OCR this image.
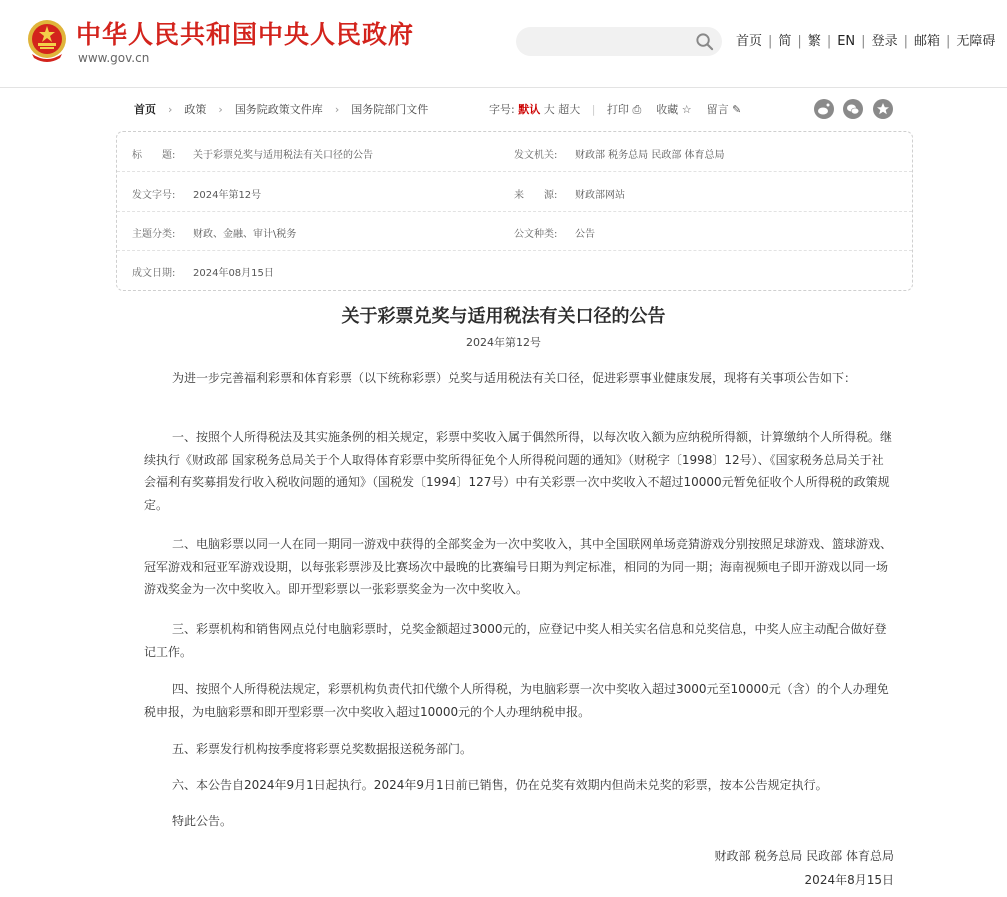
中华人民共和国中央人民政府
www.gov.cn
首页 | 简 | 繁 | EN | 登录 | 邮箱 | 无障碍
首页 › 政策 › 国务院政策文件库 › 国务院部门文件	字号: 默认 大 超大 | 打印 ⎙ 收藏 ☆ 留言 ✎
标　　题: 关于彩票兑奖与适用税法有关口径的公告	发文机关: 财政部 税务总局 民政部 体育总局
发文字号: 2024年第12号	来　　源: 财政部网站
主题分类: 财政、金融、审计\税务	公文种类: 公告
成文日期: 2024年08月15日
关于彩票兑奖与适用税法有关口径的公告
2024年第12号

为进一步完善福利彩票和体育彩票（以下统称彩票）兑奖与适用税法有关口径，促进彩票事业健康发展，现将有关事项公告如下：

一、按照个人所得税法及其实施条例的相关规定，彩票中奖收入属于偶然所得，以每次收入额为应纳税所得额，计算缴纳个人所得税。继续执行《财政部 国家税务总局关于个人取得体育彩票中奖所得征免个人所得税问题的通知》（财税字〔1998〕12号）、《国家税务总局关于社会福利有奖募捐发行收入税收问题的通知》（国税发〔1994〕127号）中有关彩票一次中奖收入不超过10000元暂免征收个人所得税的政策规定。

二、电脑彩票以同一人在同一期同一游戏中获得的全部奖金为一次中奖收入，其中全国联网单场竞猜游戏分别按照足球游戏、篮球游戏、冠军游戏和冠亚军游戏设期，以每张彩票涉及比赛场次中最晚的比赛编号日期为判定标准，相同的为同一期；海南视频电子即开游戏以同一场游戏奖金为一次中奖收入。即开型彩票以一张彩票奖金为一次中奖收入。

三、彩票机构和销售网点兑付电脑彩票时，兑奖金额超过3000元的，应登记中奖人相关实名信息和兑奖信息，中奖人应主动配合做好登记工作。

四、按照个人所得税法规定，彩票机构负责代扣代缴个人所得税，为电脑彩票一次中奖收入超过3000元至10000元（含）的个人办理免税申报，为电脑彩票和即开型彩票一次中奖收入超过10000元的个人办理纳税申报。

五、彩票发行机构按季度将彩票兑奖数据报送税务部门。

六、本公告自2024年9月1日起执行。2024年9月1日前已销售，仍在兑奖有效期内但尚未兑奖的彩票，按本公告规定执行。

特此公告。

财政部 税务总局 民政部 体育总局
2024年8月15日
